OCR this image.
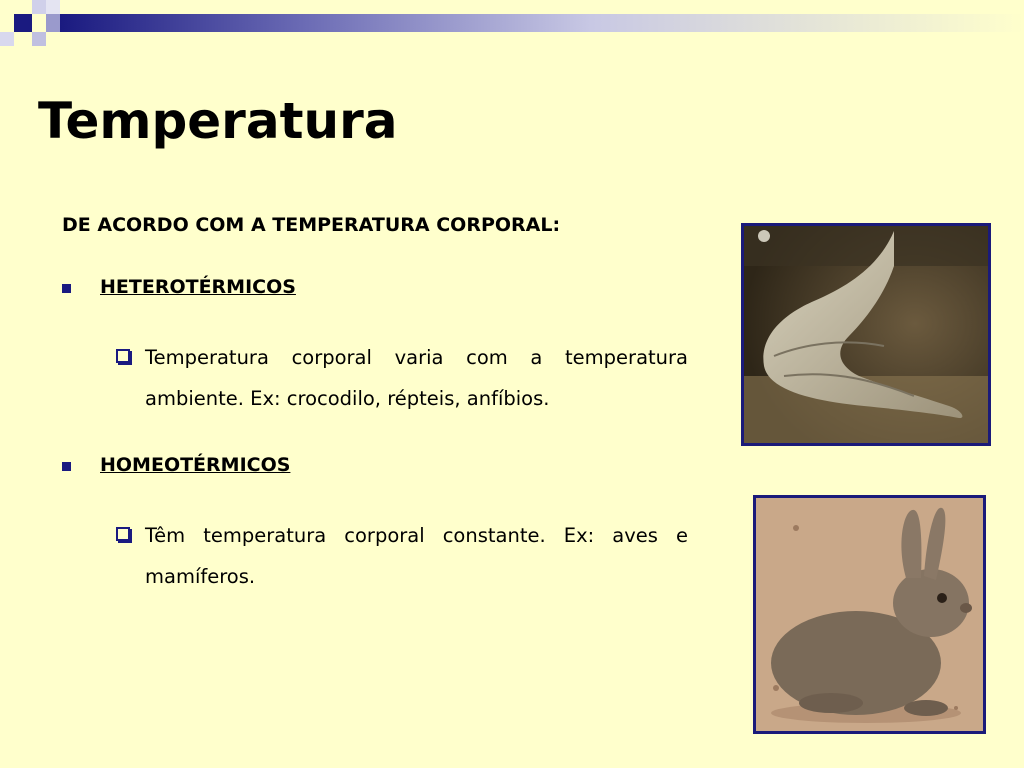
Temperatura

DE ACORDO COM A TEMPERATURA CORPORAL:

HETEROTÉRMICOS
Temperatura corporal varia com a temperatura ambiente. Ex: crocodilo, répteis, anfíbios.
HOMEOTÉRMICOS
Têm temperatura corporal constante. Ex: aves e mamíferos.
